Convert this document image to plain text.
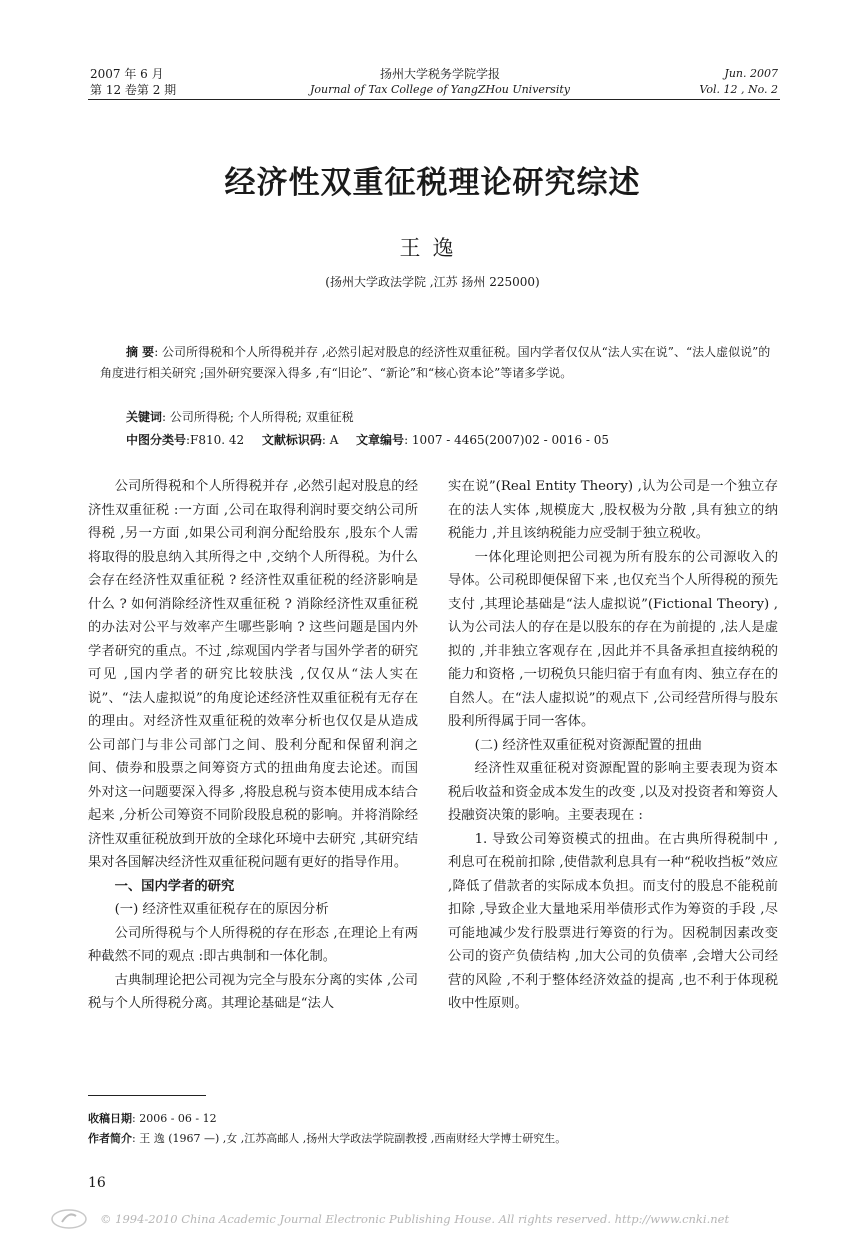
2007 年 6 月
第 12 卷第 2 期
扬州大学税务学院学报
Journal of Tax College of YangZHou University
Jun. 2007
Vol. 12 , No. 2
经济性双重征税理论研究综述
王逸
(扬州大学政法学院 ,江苏 扬州 225000)
摘 要: 公司所得税和个人所得税并存 ,必然引起对股息的经济性双重征税。国内学者仅仅从“法人实在说”、“法人虚似说”的角度进行相关研究 ;国外研究要深入得多 ,有“旧论”、“新论”和“核心资本论”等诸多学说。
关键词: 公司所得税; 个人所得税; 双重征税
中图分类号:F810. 42 文献标识码: A 文章编号: 1007 - 4465(2007)02 - 0016 - 05

公司所得税和个人所得税并存 ,必然引起对股息的经济性双重征税 :一方面 ,公司在取得利润时要交纳公司所得税 ,另一方面 ,如果公司利润分配给股东 ,股东个人需将取得的股息纳入其所得之中 ,交纳个人所得税。为什么会存在经济性双重征税 ? 经济性双重征税的经济影响是什么 ? 如何消除经济性双重征税 ? 消除经济性双重征税的办法对公平与效率产生哪些影响 ? 这些问题是国内外学者研究的重点。不过 ,综观国内学者与国外学者的研究可见 ,国内学者的研究比较肤浅 ,仅仅从“法人实在说”、“法人虚拟说”的角度论述经济性双重征税有无存在的理由。对经济性双重征税的效率分析也仅仅是从造成公司部门与非公司部门之间、股利分配和保留利润之间、债券和股票之间筹资方式的扭曲角度去论述。而国外对这一问题要深入得多 ,将股息税与资本使用成本结合起来 ,分析公司筹资不同阶段股息税的影响。并将消除经济性双重征税放到开放的全球化环境中去研究 ,其研究结果对各国解决经济性双重征税问题有更好的指导作用。

一、国内学者的研究
(一) 经济性双重征税存在的原因分析

公司所得税与个人所得税的存在形态 ,在理论上有两种截然不同的观点 :即古典制和一体化制。

古典制理论把公司视为完全与股东分离的实体 ,公司税与个人所得税分离。其理论基础是“法人

实在说”(Real Entity Theory) ,认为公司是一个独立存在的法人实体 ,规模庞大 ,股权极为分散 ,具有独立的纳税能力 ,并且该纳税能力应受制于独立税收。

一体化理论则把公司视为所有股东的公司源收入的导体。公司税即便保留下来 ,也仅充当个人所得税的预先支付 ,其理论基础是“法人虚拟说”(Fictional Theory) ,认为公司法人的存在是以股东的存在为前提的 ,法人是虚拟的 ,并非独立客观存在 ,因此并不具备承担直接纳税的能力和资格 ,一切税负只能归宿于有血有肉、独立存在的自然人。在“法人虚拟说”的观点下 ,公司经营所得与股东股利所得属于同一客体。

(二) 经济性双重征税对资源配置的扭曲

经济性双重征税对资源配置的影响主要表现为资本税后收益和资金成本发生的改变 ,以及对投资者和筹资人投融资决策的影响。主要表现在 :

1. 导致公司筹资模式的扭曲。在古典所得税制中 ,利息可在税前扣除 ,使借款利息具有一种“税收挡板”效应 ,降低了借款者的实际成本负担。而支付的股息不能税前扣除 ,导致企业大量地采用举债形式作为筹资的手段 ,尽可能地减少发行股票进行筹资的行为。因税制因素改变公司的资产负债结构 ,加大公司的负债率 ,会增大公司经营的风险 ,不利于整体经济效益的提高 ,也不利于体现税收中性原则。

收稿日期: 2006 - 06 - 12
作者简介: 王 逸 (1967 —) ,女 ,江苏高邮人 ,扬州大学政法学院副教授 ,西南财经大学博士研究生。
16
© 1994-2010 China Academic Journal Electronic Publishing House. All rights reserved. http://www.cnki.net
